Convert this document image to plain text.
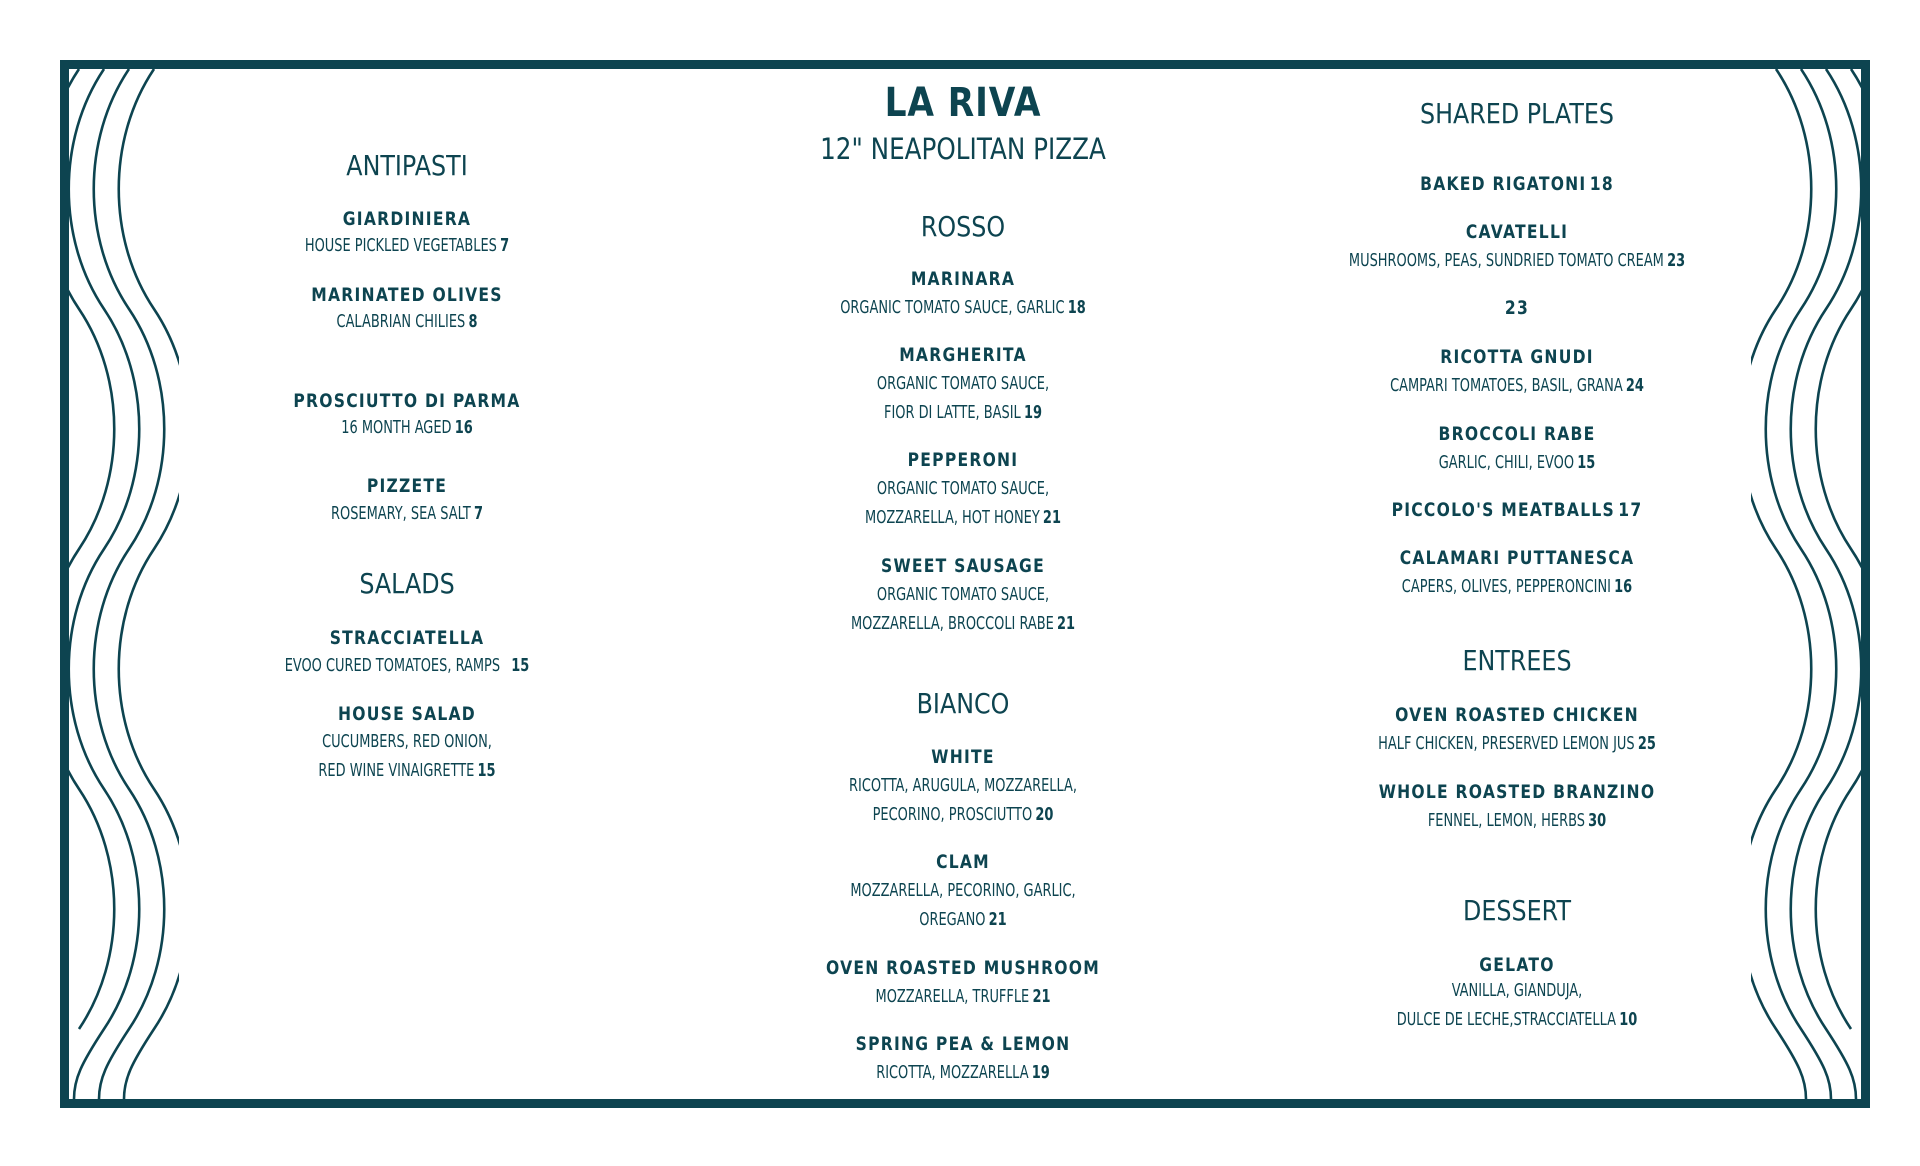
ANTIPASTI
GIARDINIERA
HOUSE PICKLED VEGETABLES 7
MARINATED OLIVES
CALABRIAN CHILIES 8
PROSCIUTTO DI PARMA
16 MONTH AGED 16
PIZZETE
ROSEMARY, SEA SALT 7
SALADS
STRACCIATELLA
EVOO CURED TOMATOES, RAMPS 15
HOUSE SALAD
CUCUMBERS, RED ONION,
RED WINE VINAIGRETTE 15
LA RIVA
12" NEAPOLITAN PIZZA
ROSSO
MARINARA
ORGANIC TOMATO SAUCE, GARLIC 18
MARGHERITA
ORGANIC TOMATO SAUCE,
FIOR DI LATTE, BASIL 19
PEPPERONI
ORGANIC TOMATO SAUCE,
MOZZARELLA, HOT HONEY 21
SWEET SAUSAGE
ORGANIC TOMATO SAUCE,
MOZZARELLA, BROCCOLI RABE 21
BIANCO
WHITE
RICOTTA, ARUGULA, MOZZARELLA,
PECORINO, PROSCIUTTO 20
CLAM
MOZZARELLA, PECORINO, GARLIC,
OREGANO 21
OVEN ROASTED MUSHROOM
MOZZARELLA, TRUFFLE 21
SPRING PEA & LEMON
RICOTTA, MOZZARELLA 19
SHARED PLATES
BAKED RIGATONI 18
CAVATELLI
MUSHROOMS, PEAS, SUNDRIED TOMATO CREAM 23
23
RICOTTA GNUDI
CAMPARI TOMATOES, BASIL, GRANA 24
BROCCOLI RABE
GARLIC, CHILI, EVOO 15
PICCOLO'S MEATBALLS 17
CALAMARI PUTTANESCA
CAPERS, OLIVES, PEPPERONCINI 16
ENTREES
OVEN ROASTED CHICKEN
HALF CHICKEN, PRESERVED LEMON JUS 25
WHOLE ROASTED BRANZINO
FENNEL, LEMON, HERBS 30
DESSERT
GELATO
VANILLA, GIANDUJA,
DULCE DE LECHE,STRACCIATELLA 10
